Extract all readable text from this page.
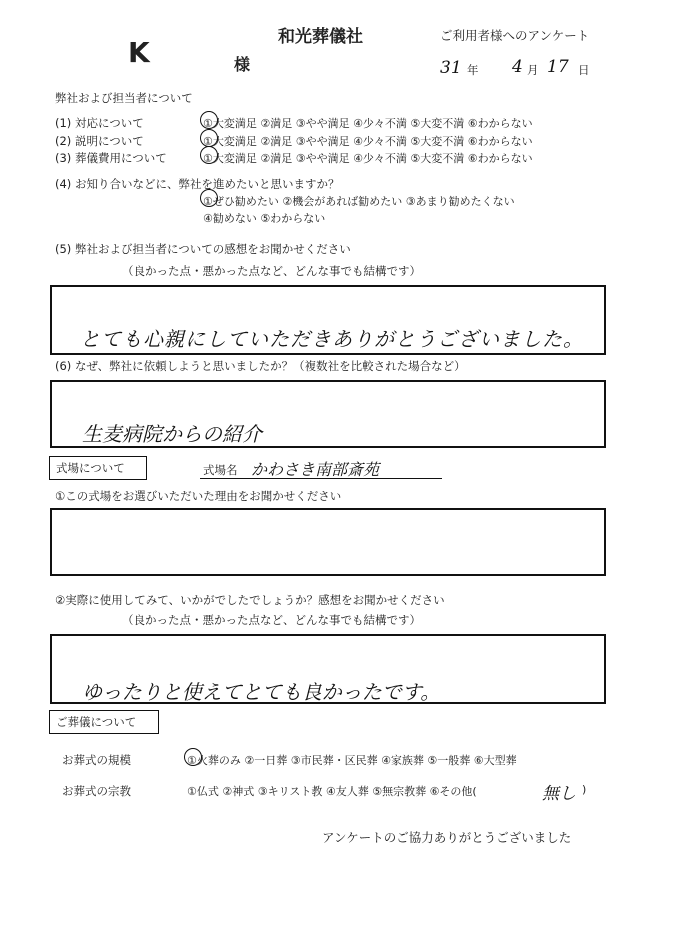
和光葬儀社	ご利用者様へのアンケート
K	様	31 年 4 月 17 日
弊社および担当者について
(1) 対応について	①大変満足 ②満足 ③やや満足 ④少々不満 ⑤大変不満 ⑥わからない
(2) 説明について	①大変満足 ②満足 ③やや満足 ④少々不満 ⑤大変不満 ⑥わからない
(3) 葬儀費用について	①大変満足 ②満足 ③やや満足 ④少々不満 ⑤大変不満 ⑥わからない
(4) お知り合いなどに、弊社を進めたいと思いますか？
①ぜひ勧めたい ②機会があれば勧めたい ③あまり勧めたくない
④勧めない ⑤わからない
(5) 弊社および担当者についての感想をお聞かせください
（良かった点・悪かった点など、どんな事でも結構です）
とても心親にしていただきありがとうございました。
(6) なぜ、弊社に依頼しようと思いましたか？（複数社を比較された場合など）
生麦病院からの紹介
式場について	式場名 かわさき南部斎苑
①この式場をお選びいただいた理由をお聞かせください
②実際に使用してみて、いかがでしたでしょうか？感想をお聞かせください
（良かった点・悪かった点など、どんな事でも結構です）
ゆったりと使えてとても良かったです。
ご葬儀について
お葬式の規模	①火葬のみ ②一日葬 ③市民葬・区民葬 ④家族葬 ⑤一般葬 ⑥大型葬
お葬式の宗教	①仏式 ②神式 ③キリスト教 ④友人葬 ⑤無宗教葬 ⑥その他(	無し )
アンケートのご協力ありがとうございました
